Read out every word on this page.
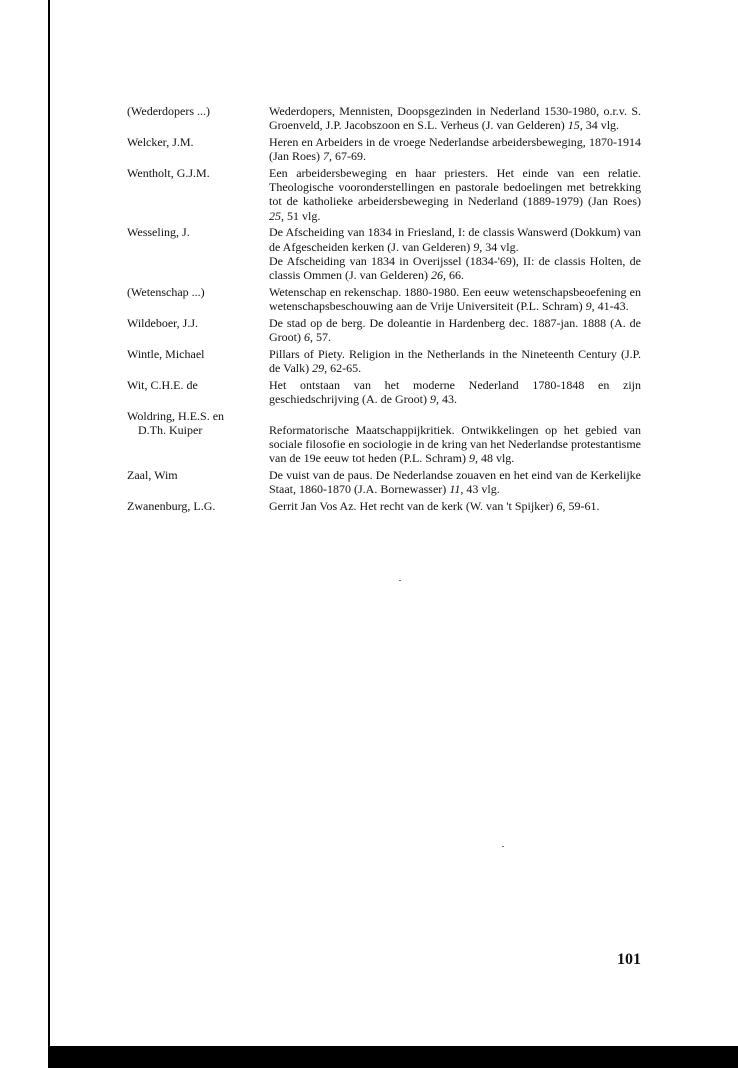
(Wederdopers ...)	Wederdopers, Mennisten, Doopsgezinden in Nederland 1530-1980, o.r.v. S. Groenveld, J.P. Jacobszoon en S.L. Verheus (J. van Gelderen) 15, 34 vlg.
Welcker, J.M.	Heren en Arbeiders in de vroege Nederlandse arbeidersbeweging, 1870-1914 (Jan Roes) 7, 67-69.
Wentholt, G.J.M.	Een arbeidersbeweging en haar priesters. Het einde van een relatie. Theologische vooronderstellingen en pastorale bedoelingen met betrekking tot de katholieke arbeidersbeweging in Nederland (1889-1979) (Jan Roes) 25, 51 vlg.
Wesseling, J.	De Afscheiding van 1834 in Friesland, I: de classis Wanswerd (Dokkum) van de Afgescheiden kerken (J. van Gelderen) 9, 34 vlg.
De Afscheiding van 1834 in Overijssel (1834-'69), II: de classis Holten, de classis Ommen (J. van Gelderen) 26, 66.
(Wetenschap ...)	Wetenschap en rekenschap. 1880-1980. Een eeuw wetenschapsbeoefening en wetenschapsbeschouwing aan de Vrije Universiteit (P.L. Schram) 9, 41-43.
Wildeboer, J.J.	De stad op de berg. De doleantie in Hardenberg dec. 1887-jan. 1888 (A. de Groot) 6, 57.
Wintle, Michael	Pillars of Piety. Religion in the Netherlands in the Nineteenth Century (J.P. de Valk) 29, 62-65.
Wit, C.H.E. de	Het ontstaan van het moderne Nederland 1780-1848 en zijn geschiedschrijving (A. de Groot) 9, 43.
Woldring, H.E.S. en
D.Th. Kuiper	Reformatorische Maatschappijkritiek. Ontwikkelingen op het gebied van sociale filosofie en sociologie in de kring van het Nederlandse protestantisme van de 19e eeuw tot heden (P.L. Schram) 9, 48 vlg.
Zaal, Wim	De vuist van de paus. De Nederlandse zouaven en het eind van de Kerkelijke Staat, 1860-1870 (J.A. Bornewasser) 11, 43 vlg.
Zwanenburg, L.G.	Gerrit Jan Vos Az. Het recht van de kerk (W. van 't Spijker) 6, 59-61.
101
